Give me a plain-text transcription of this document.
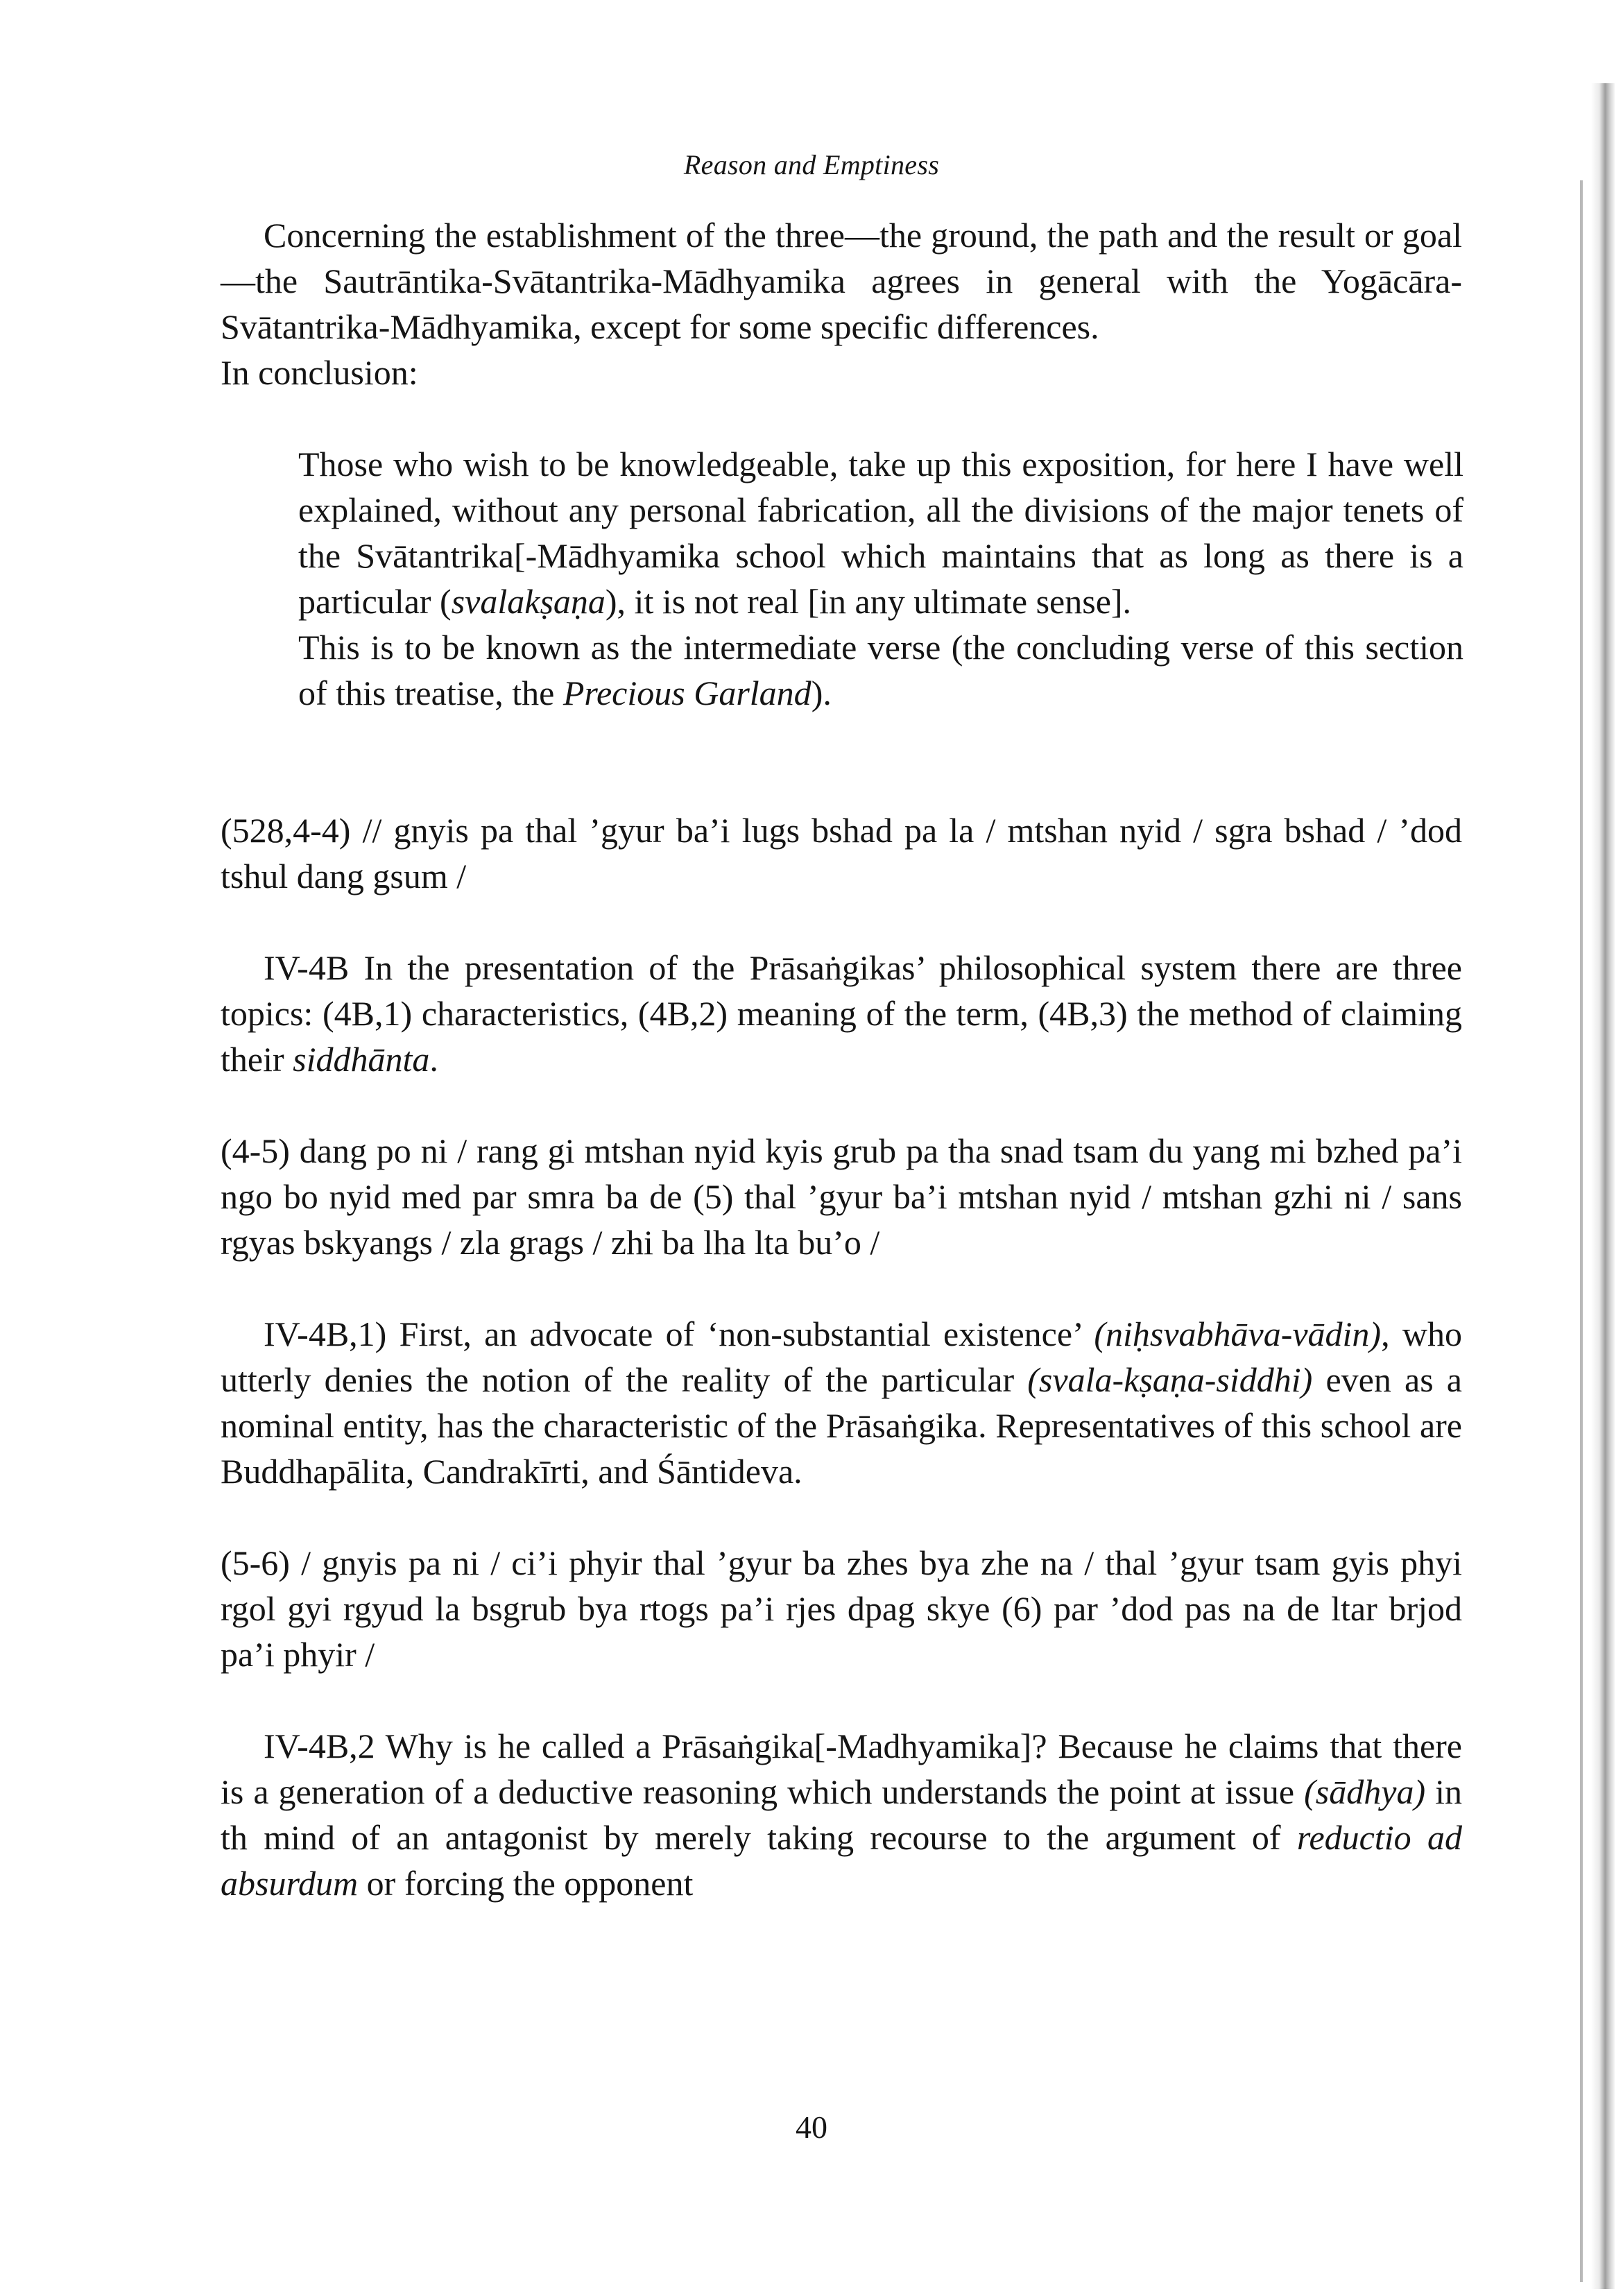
Reason and Emptiness

Concerning the establishment of the three—the ground, the path and the result or goal—the Sautrāntika-Svātantrika-Mādhyamika agrees in general with the Yogācāra-Svātantrika-Mādhyamika, except for some specific differences.

In conclusion:

Those who wish to be knowledgeable, take up this exposition, for here I have well explained, without any personal fabrication, all the divisions of the major tenets of the Svātantrika[-Mādhyamika school which maintains that as long as there is a particular (svalakṣaṇa), it is not real [in any ultimate sense].

This is to be known as the intermediate verse (the concluding verse of this section of this treatise, the Precious Garland).

(528,4-4) // gnyis pa thal ’gyur ba’i lugs bshad pa la / mtshan nyid / sgra bshad / ’dod tshul dang gsum /

IV-4B In the presentation of the Prāsaṅgikas’ philosophical system there are three topics: (4B,1) characteristics, (4B,2) meaning of the term, (4B,3) the method of claiming their siddhānta.

(4-5) dang po ni / rang gi mtshan nyid kyis grub pa tha snad tsam du yang mi bzhed pa’i ngo bo nyid med par smra ba de (5) thal ’gyur ba’i mtshan nyid / mtshan gzhi ni / sans rgyas bskyangs / zla grags / zhi ba lha lta bu’o /

IV-4B,1) First, an advocate of ‘non-substantial existence’ (niḥsvabhāva-vādin), who utterly denies the notion of the reality of the particular (svala-kṣaṇa-siddhi) even as a nominal entity, has the characteristic of the Prāsaṅgika. Representatives of this school are Buddhapālita, Candrakīrti, and Śāntideva.

(5-6) / gnyis pa ni / ci’i phyir thal ’gyur ba zhes bya zhe na / thal ’gyur tsam gyis phyi rgol gyi rgyud la bsgrub bya rtogs pa’i rjes dpag skye (6) par ’dod pas na de ltar brjod pa’i phyir /

IV-4B,2 Why is he called a Prāsaṅgika[-Madhyamika]? Because he claims that there is a generation of a deductive reasoning which understands the point at issue (sādhya) in th mind of an antagonist by merely taking recourse to the argument of reductio ad absurdum or forcing the opponent

40
